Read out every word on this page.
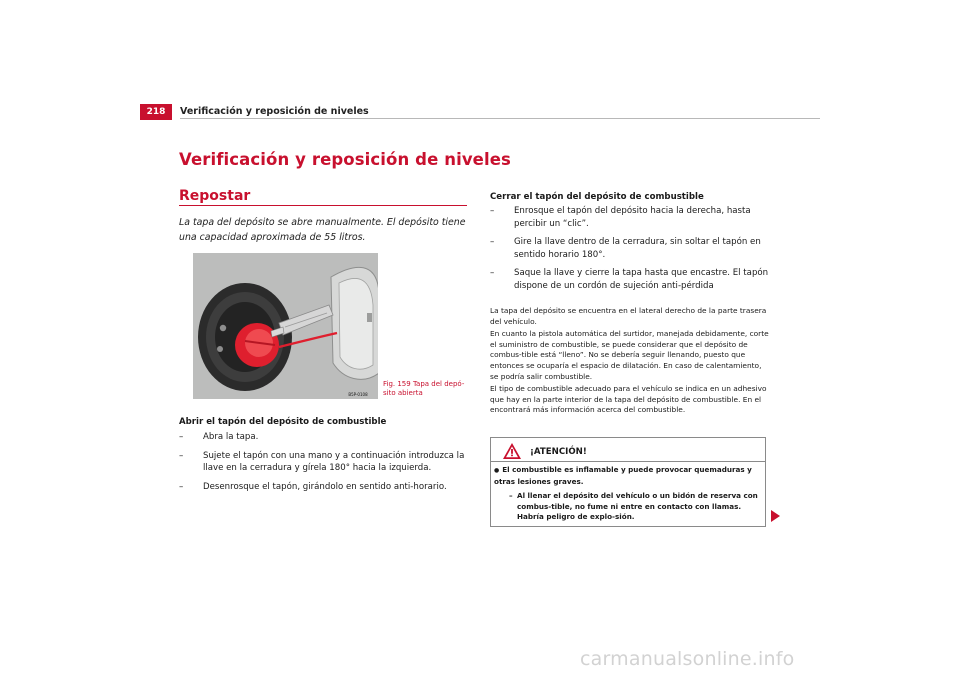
218	Verificación y reposición de niveles
Verificación y reposición de niveles
Repostar

La tapa del depósito se abre manualmente. El depósito tiene una capacidad aproximada de 55 litros.

B5P-0108
Fig. 159 Tapa del depó-sito abierta
Abrir el tapón del depósito de combustible
– Abra la tapa.
– Sujete el tapón con una mano y a continuación introduzca la llave en la cerradura y gírela 180° hacia la izquierda.
– Desenrosque el tapón, girándolo en sentido anti-horario.
Cerrar el tapón del depósito de combustible
– Enrosque el tapón del depósito hacia la derecha, hasta percibir un “clic”.
– Gire la llave dentro de la cerradura, sin soltar el tapón en sentido horario 180°.
– Saque la llave y cierre la tapa hasta que encastre. El tapón dispone de un cordón de sujeción anti-pérdida

La tapa del depósito se encuentra en el lateral derecho de la parte trasera del vehículo.

En cuanto la pistola automática del surtidor, manejada debidamente, corte el suministro de combustible, se puede considerar que el depósito de combus-tible está “lleno”. No se debería seguir llenando, puesto que entonces se ocuparía el espacio de dilatación. En caso de calentamiento, se podría salir combustible.

El tipo de combustible adecuado para el vehículo se indica en un adhesivo que hay en la parte interior de la tapa del depósito de combustible. En el encontrará más información acerca del combustible.

¡ATENCIÓN!
● El combustible es inflamable y puede provocar quemaduras y otras lesiones graves.
– Al llenar el depósito del vehículo o un bidón de reserva con combus-tible, no fume ni entre en contacto con llamas. Habría peligro de explo-sión.
carmanualsonline.info
